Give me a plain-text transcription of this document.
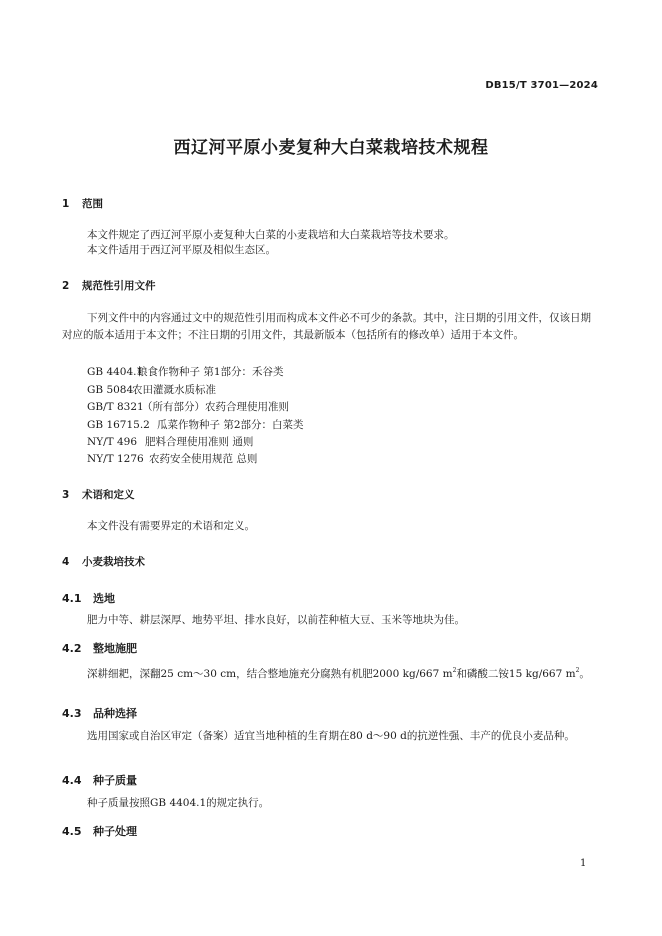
DB15/T 3701—2024
西辽河平原小麦复种大白菜栽培技术规程
1 范围
本文件规定了西辽河平原小麦复种大白菜的小麦栽培和大白菜栽培等技术要求。
本文件适用于西辽河平原及相似生态区。
2 规范性引用文件
下列文件中的内容通过文中的规范性引用而构成本文件必不可少的条款。其中，注日期的引用文件，仅该日期对应的版本适用于本文件；不注日期的引用文件，其最新版本（包括所有的修改单）适用于本文件。
GB 4404.1粮食作物种子 第1部分：禾谷类
GB 5084农田灌溉水质标准
GB/T 8321（所有部分）农药合理使用准则
GB 16715.2 瓜菜作物种子 第2部分：白菜类
NY/T 496 肥料合理使用准则 通则
NY/T 1276 农药安全使用规范 总则
3 术语和定义
本文件没有需要界定的术语和定义。
4 小麦栽培技术
4.1 选地
肥力中等、耕层深厚、地势平坦、排水良好，以前茬种植大豆、玉米等地块为佳。
4.2 整地施肥
深耕细耙，深翻25 cm～30 cm，结合整地施充分腐熟有机肥2000 kg/667 $m^2$和磷酸二铵15 kg/667 $m^2$。
4.3 品种选择
选用国家或自治区审定（备案）适宜当地种植的生育期在80 d～90 d的抗逆性强、丰产的优良小麦品种。
4.4 种子质量
种子质量按照GB 4404.1的规定执行。
4.5 种子处理
1
